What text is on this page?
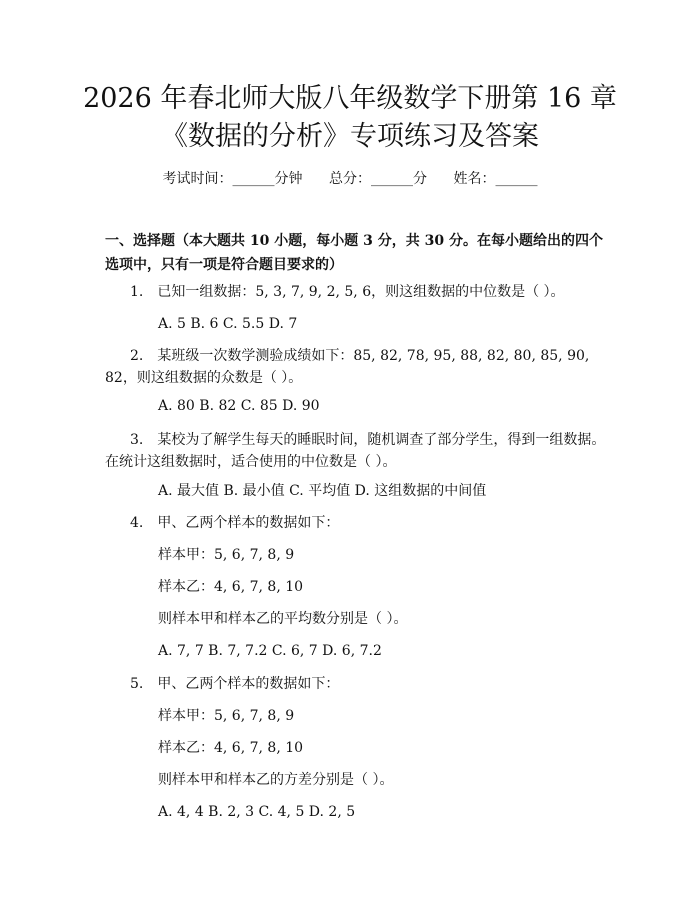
2026 年春北师大版八年级数学下册第 16 章
《数据的分析》专项练习及答案
考试时间：______分钟 总分：______分 姓名：______
一、选择题（本大题共 10 小题，每小题 3 分，共 30 分。在每小题给出的四个选项中，只有一项是符合题目要求的）
1.　已知一组数据：5, 3, 7, 9, 2, 5, 6，则这组数据的中位数是（ ）。
A. 5 B. 6 C. 5.5 D. 7
2.　某班级一次数学测验成绩如下：85, 82, 78, 95, 88, 82, 80, 85, 90, 82，则这组数据的众数是（ ）。
A. 80 B. 82 C. 85 D. 90
3.　某校为了解学生每天的睡眠时间，随机调查了部分学生，得到一组数据。在统计这组数据时，适合使用的中位数是（ ）。
A. 最大值 B. 最小值 C. 平均值 D. 这组数据的中间值
4.　甲、乙两个样本的数据如下：
样本甲：5, 6, 7, 8, 9
样本乙：4, 6, 7, 8, 10
则样本甲和样本乙的平均数分别是（ ）。
A. 7, 7 B. 7, 7.2 C. 6, 7 D. 6, 7.2
5.　甲、乙两个样本的数据如下：
样本甲：5, 6, 7, 8, 9
样本乙：4, 6, 7, 8, 10
则样本甲和样本乙的方差分别是（ ）。
A. 4, 4 B. 2, 3 C. 4, 5 D. 2, 5
